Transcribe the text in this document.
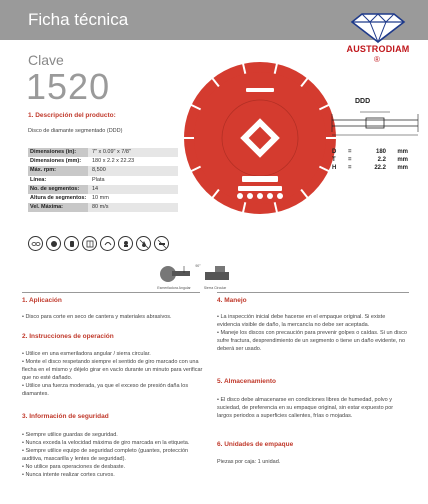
Ficha técnica
AUSTRODIAM
®
Clave
1520
1. Descripción del producto:
Disco de diamante segmentado (DDD)
Dimensiones (in):	7" x 0.09" x 7/8"
Dimensiones (mm):	180 x 2.2 x 22.23
Máx. rpm:	8,500
Línea:	Plata
No. de segmentos:	14
Altura de segmentos:	10 mm
Vel. Máxima:	80 m/s
DDD
D	=	180	mm
T	=	2.2	mm
H	=	22.2	mm
90°
Esmeriladora Angular	Sierra Circular
1. Aplicación

• Disco para corte en seco de cantera y materiales abrasivos.

2. Instrucciones de operación

• Utilice en una esmeriladora angular / sierra circular.

• Monte el disco respetando siempre el sentido de giro marcado con una flecha en el mismo y déjelo girar en vacío durante un minuto para verificar que no esté dañado.

• Utilice una fuerza moderada, ya que el exceso de presión daña los diamantes.

3. Información de seguridad

• Siempre utilice guardas de seguridad.

• Nunca exceda la velocidad máxima de giro marcada en la etiqueta.

• Siempre utilice equipo de seguridad completo (guantes, protección auditiva, mascarilla y lentes de seguridad).

• No utilice para operaciones de desbaste.

• Nunca intente realizar cortes curvos.

4. Manejo

• La inspección inicial debe hacerse en el empaque original. Si existe evidencia visible de daño, la mercancía no debe ser aceptada.

• Maneje los discos con precaución para prevenir golpes o caídas. Si un disco sufre fractura, desprendimiento de un segmento o tiene un daño evidente, no deberá ser usado.

5. Almacenamiento

• El disco debe almacenarse en condiciones libres de humedad, polvo y suciedad, de preferencia en su empaque original, sin estar expuesto por largos periodos a superficies calientes, frías o mojadas.

6. Unidades de empaque

Piezas por caja: 1 unidad.
